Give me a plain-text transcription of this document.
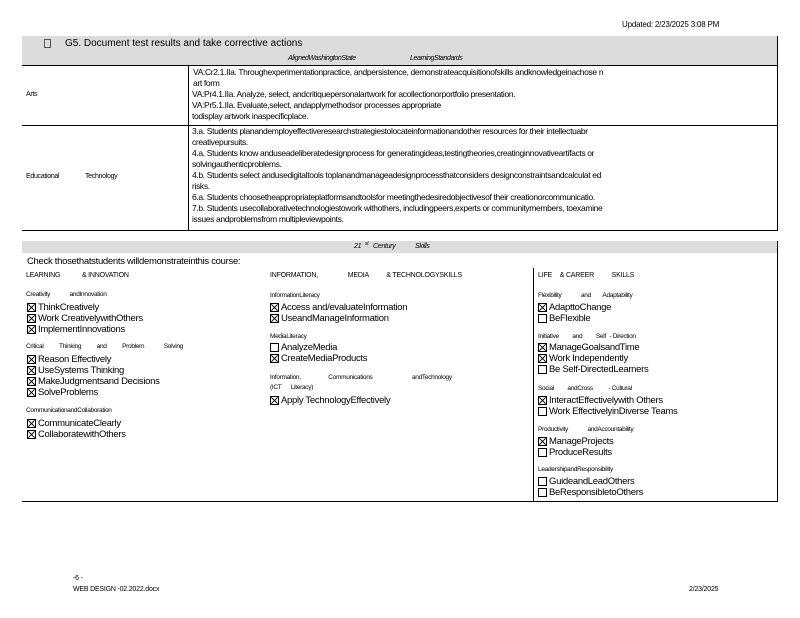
Updated: 2/23/2025 3:08 PM
G5. Document test results and take corrective actions
AlignedWashingtonState	LearningStandards
Arts
VA:Cr2.1.IIa. Throughexperimentationpractice, andpersistence, demonstrateacquisitionofskills andknowledgeinachose n
art form
VA:Pr4.1.IIa. Analyze, select, andcritiquepersonalartwork for acollectionorportfolio presentation.
VA:Pr5.1.IIa. Evaluate,select, andapplymethodsor processes appropriate
todisplay artwork inaspecificplace.
Educational	Technology
3.a. Students planandemployeffectiveresearchstrategiestolocateinformationandother resources for their intellectuabr
creativepursuits.
4.a. Students know anduseadeliberatedesignprocess for generatingideas,testingtheories,creatinginnovativeartifacts or
solvingauthenticproblems.
4.b. Students select andusedigitaltools toplanandmanageadesignprocessthatconsiders designconstraintsandcalculat ed
risks.
6.a. Students choosetheappropriateplatformsandtoolsfor meetingthedesiredobjectivesof their creationorcommunicatio.
7.b. Students usecollaborativetechnologiestowork withothers, includingpeers,experts or communitymembers, toexamine
issues andproblemsfrom multipleviewpoints.
21 st Century	Skills
Check thosethatstudents willdemonstrateinthis course:
LEARNING	& INNOVATION	INFORMATION,	MEDIA	& TECHNOLOGYSKILLS	LIFE & CAREER	SKILLS
Creativity	andInnovation
ThinkCreatively
Work CreativelywithOthers
ImplementInnovations
Critical Thinking and Problem	Solving
Reason Effectively
UseSystems Thinking
MakeJudgmentsand Decisions
SolveProblems
CommunicationandCollaboration
CommunicateClearly
CollaboratewithOthers
InformationLiteracy
Access and/evaluateInformation
UseandManageInformation
MediaLiteracy
AnalyzeMedia
CreateMediaProducts
Information,	Communications	andTechnology
(ICT Literacy)
Apply TechnologyEffectively
Flexibility	and Adaptability
AdapttoChange
BeFlexible
Initiative and Self - Direction
ManageGoalsandTime
Work Independently
Be Self-DirectedLearners
Social andCross - Cultural
InteractEffectivelywith Others
Work EffectivelyinDiverse Teams
Productivity	andAccountability
ManageProjects
ProduceResults
LeadershipandResponsibility
GuideandLeadOthers
BeResponsibletoOthers
-6 -
WEB DESIGN -02.2022.docx	2/23/2025
